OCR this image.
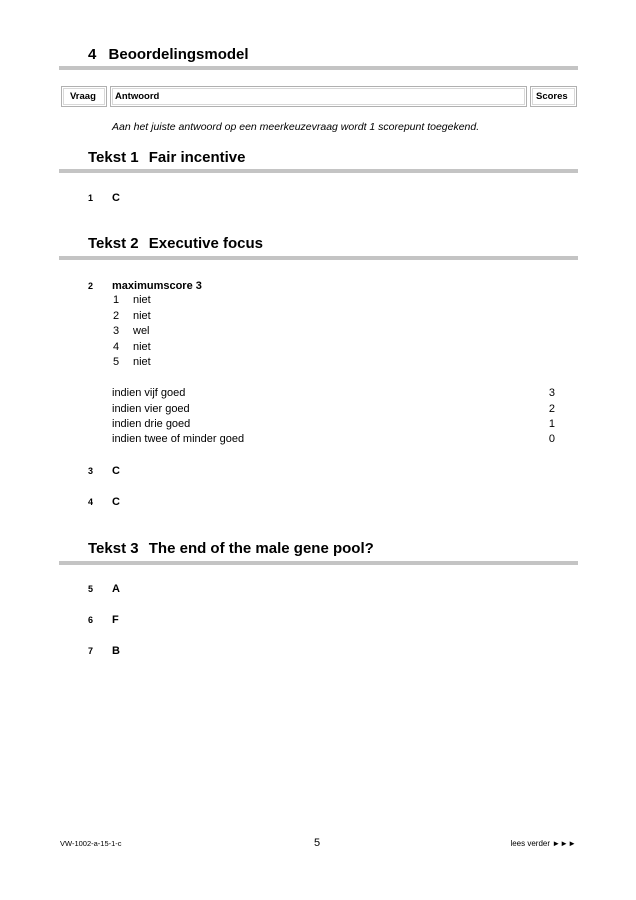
4 Beoordelingsmodel
Vraag	Antwoord	Scores
Aan het juiste antwoord op een meerkeuzevraag wordt 1 scorepunt toegekend.
Tekst 1 Fair incentive
1 C
Tekst 2 Executive focus
2 maximumscore 3
1 niet
2 niet
3 wel
4 niet
5 niet
indien vijf goed	3
indien vier goed	2
indien drie goed	1
indien twee of minder goed	0
3 C
4 C
Tekst 3 The end of the male gene pool?
5 A
6 F
7 B
VW-1002-a-15-1-c	5	lees verder ►►►
